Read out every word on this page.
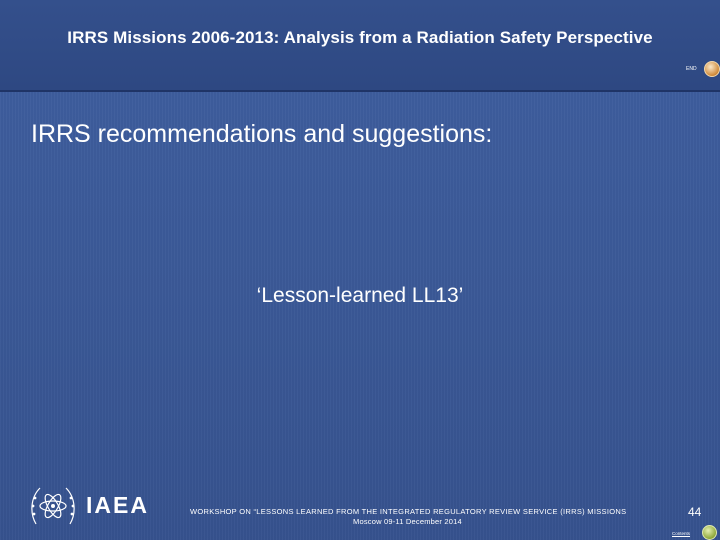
IRRS Missions 2006-2013: Analysis from a Radiation Safety Perspective
END
IRRS recommendations and suggestions:
‘Lesson-learned LL13’
IAEA	WORKSHOP ON “LESSONS LEARNED FROM THE INTEGRATED REGULATORY REVIEW SERVICE (IRRS) MISSIONS
Moscow 09-11 December 2014
44
Contents
